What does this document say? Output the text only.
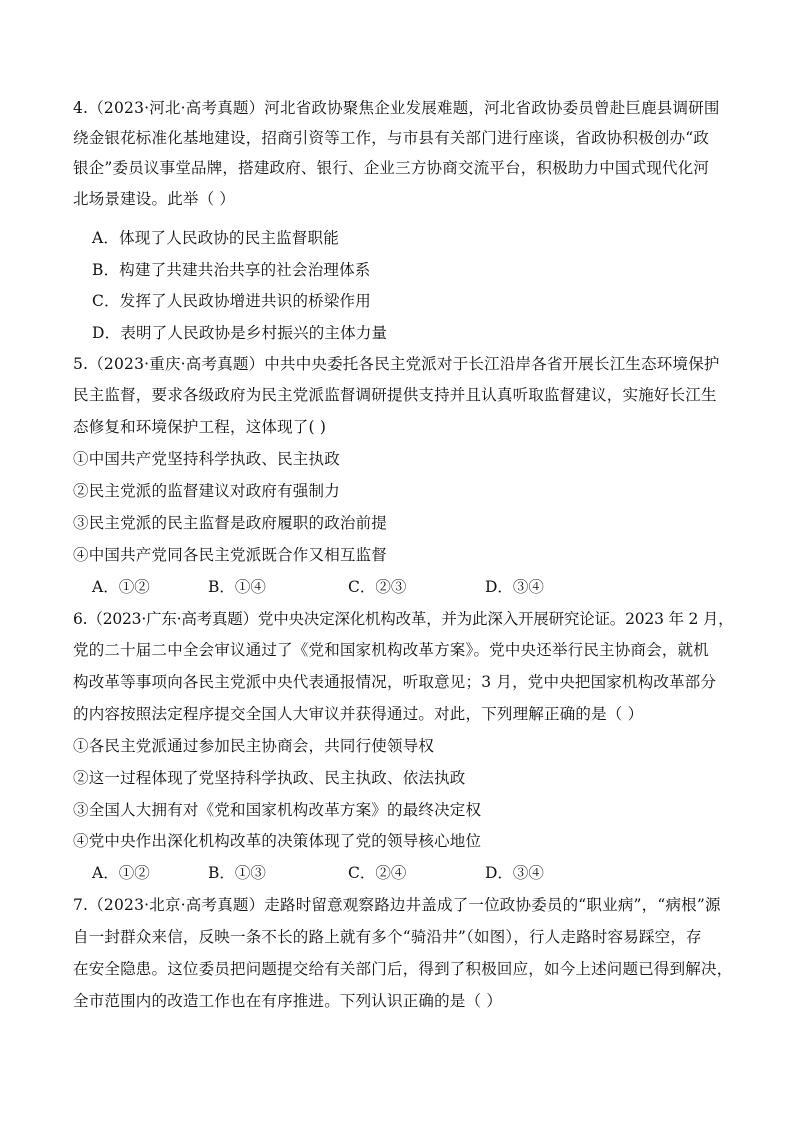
4.（2023·河北·高考真题）河北省政协聚焦企业发展难题，河北省政协委员曾赴巨鹿县调研围
绕金银花标准化基地建设，招商引资等工作，与市县有关部门进行座谈，省政协积极创办“政
银企”委员议事堂品牌，搭建政府、银行、企业三方协商交流平台，积极助力中国式现代化河
北场景建设。此举（ ）
A．体现了人民政协的民主监督职能
B．构建了共建共治共享的社会治理体系
C．发挥了人民政协增进共识的桥梁作用
D．表明了人民政协是乡村振兴的主体力量
5.（2023·重庆·高考真题）中共中央委托各民主党派对于长江沿岸各省开展长江生态环境保护
民主监督，要求各级政府为民主党派监督调研提供支持并且认真听取监督建议，实施好长江生
态修复和环境保护工程，这体现了( )
①中国共产党坚持科学执政、民主执政
②民主党派的监督建议对政府有强制力
③民主党派的民主监督是政府履职的政治前提
④中国共产党同各民主党派既合作又相互监督
A．①②	B．①④	C．②③	D．③④
6.（2023·广东·高考真题）党中央决定深化机构改革，并为此深入开展研究论证。2023 年 2 月，
党的二十届二中全会审议通过了《党和国家机构改革方案》。党中央还举行民主协商会，就机
构改革等事项向各民主党派中央代表通报情况，听取意见；3 月，党中央把国家机构改革部分
的内容按照法定程序提交全国人大审议并获得通过。对此，下列理解正确的是（ ）
①各民主党派通过参加民主协商会，共同行使领导权
②这一过程体现了党坚持科学执政、民主执政、依法执政
③全国人大拥有对《党和国家机构改革方案》的最终决定权
④党中央作出深化机构改革的决策体现了党的领导核心地位
A．①②	B．①③	C．②④	D．③④
7.（2023·北京·高考真题）走路时留意观察路边井盖成了一位政协委员的“职业病”，“病根”源
自一封群众来信，反映一条不长的路上就有多个“骑沿井”（如图），行人走路时容易踩空，存
在安全隐患。这位委员把问题提交给有关部门后，得到了积极回应，如今上述问题已得到解决，
全市范围内的改造工作也在有序推进。下列认识正确的是（ ）
